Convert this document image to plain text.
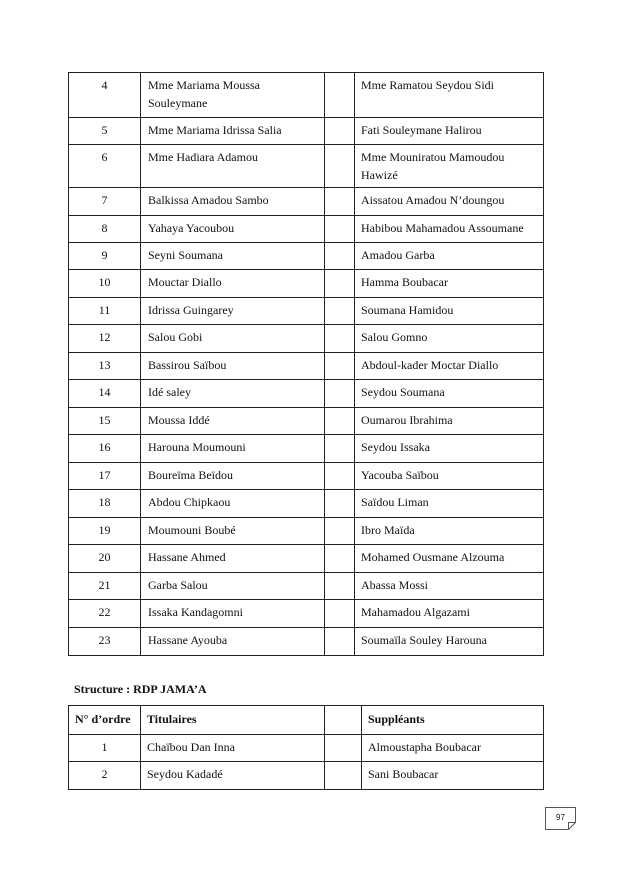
4	Mme Mariama Moussa Souleymane		Mme Ramatou Seydou Sidi

5	Mme Mariama Idrissa Salia		Fati Souleymane Halirou

6	Mme Hadiara Adamou		Mme Mouniratou Mamoudou Hawizé

7	Balkissa Amadou Sambo		Aissatou Amadou N’doungou

8	Yahaya Yacoubou		Habibou Mahamadou Assoumane

9	Seyni Soumana		Amadou Garba

10	Mouctar Diallo		Hamma Boubacar

11	Idrissa Guingarey		Soumana Hamidou

12	Salou Gobi		Salou Gomno

13	Bassirou Saïbou		Abdoul-kader Moctar Diallo

14	Idé saley		Seydou Soumana

15	Moussa Iddé		Oumarou Ibrahima

16	Harouna Moumouni		Seydou Issaka

17	Boureïma Beïdou		Yacouba Saïbou

18	Abdou Chipkaou		Saïdou Liman

19	Moumouni Boubé		Ibro Maïda

20	Hassane Ahmed		Mohamed Ousmane Alzouma

21	Garba Salou		Abassa Mossi

22	Issaka Kandagomni		Mahamadou Algazami

23	Hassane Ayouba		Soumaïla Souley Harouna
Structure : RDP JAMA’A
N° d’ordre	Titulaires		Suppléants

1	Chaïbou Dan Inna		Almoustapha Boubacar

2	Seydou Kadadé		Sani Boubacar
97
